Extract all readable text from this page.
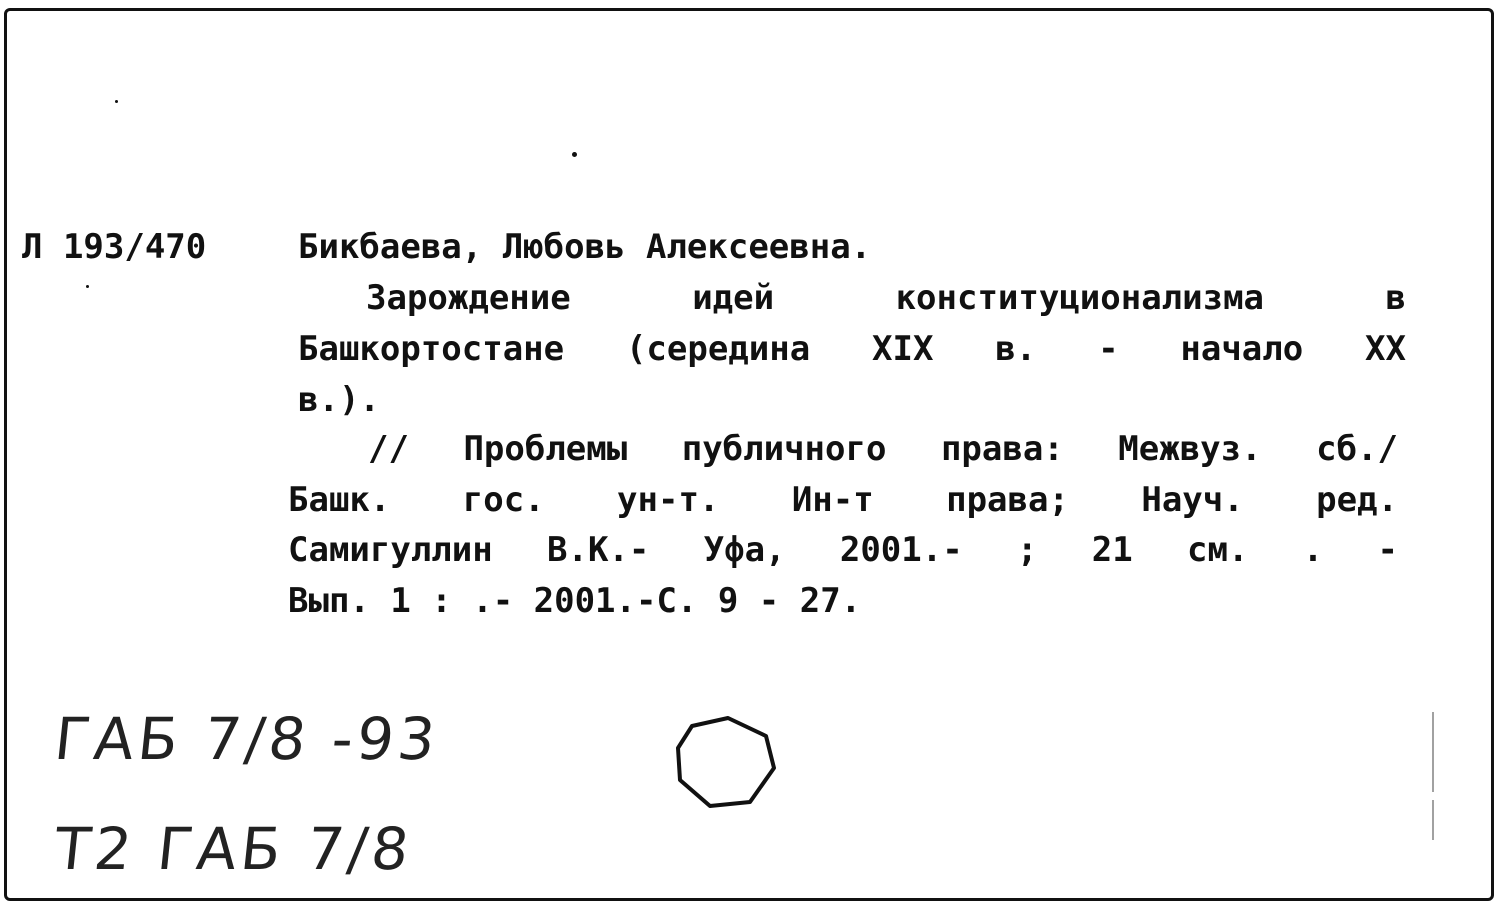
Л 193/470	Бикбаева, Любовь Алексеевна.
Зарождение идей конституционализма в
Башкортостане (середина XIX в. - начало XX
в.).
// Проблемы публичного права: Межвуз. сб./
Башк. гос. ун-т. Ин-т права; Науч. ред.
Самигуллин В.К.- Уфа, 2001.- ; 21 см. . -
Вып. 1 : .- 2001.-С. 9 - 27.
ГАБ 7/8 -93
Т2 ГАБ 7/8
